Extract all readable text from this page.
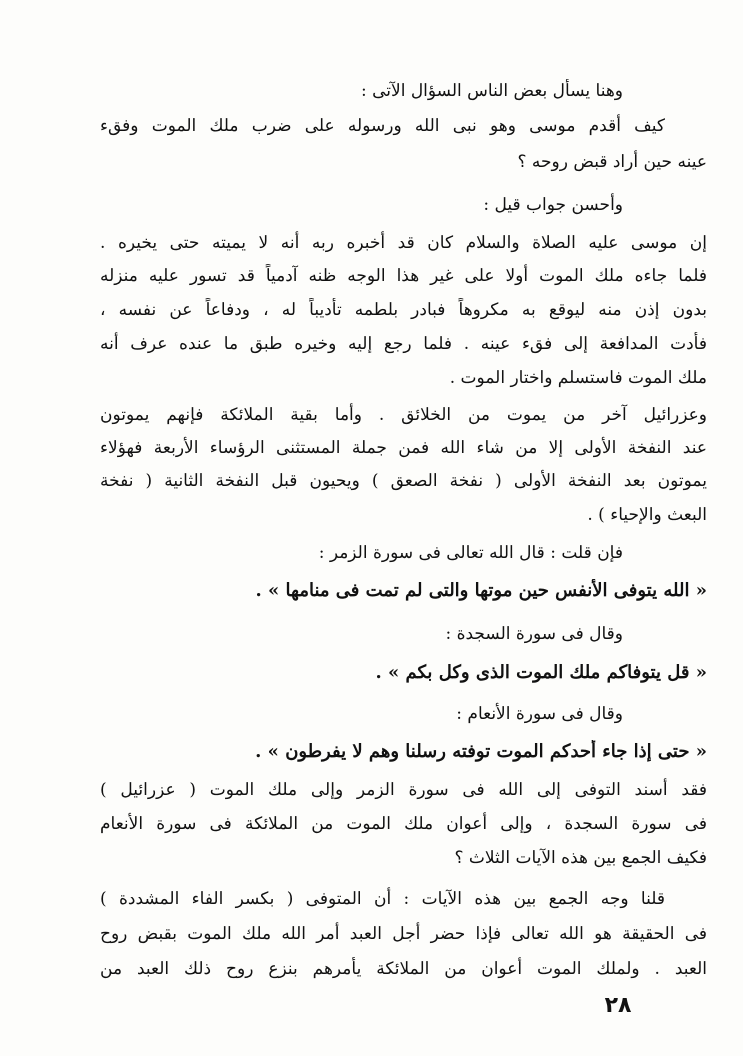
وهنا يسأل بعض الناس السؤال الآتى :
كيف أقدم موسى وهو نبى الله ورسوله على ضرب ملك الموت وفقء
عينه حين أراد قبض روحه ؟
وأحسن جواب قيل :
إن موسى عليه الصلاة والسلام كان قد أخبره ربه أنه لا يميته حتى يخيره .
فلما جاءه ملك الموت أولا على غير هذا الوجه ظنه آدمياً قد تسور عليه منزله
بدون إذن منه ليوقع به مكروهاً فبادر بلطمه تأديباً له ، ودفاعاً عن نفسه ،
فأدت المدافعة إلى فقء عينه . فلما رجع إليه وخيره طبق ما عنده عرف أنه
ملك الموت فاستسلم واختار الموت .
وعزرائيل آخر من يموت من الخلائق . وأما بقية الملائكة فإنهم يموتون
عند النفخة الأولى إلا من شاء الله فمن جملة المستثنى الرؤساء الأربعة فهؤلاء
يموتون بعد النفخة الأولى ( نفخة الصعق ) ويحيون قبل النفخة الثانية ( نفخة
البعث والإحياء ) .
فإن قلت : قال الله تعالى فى سورة الزمر :
« الله يتوفى الأنفس حين موتها والتى لم تمت فى منامها » .
وقال فى سورة السجدة :
« قل يتوفاكم ملك الموت الذى وكل بكم » .
وقال فى سورة الأنعام :
« حتى إذا جاء أحدكم الموت توفته رسلنا وهم لا يفرطون » .
فقد أسند التوفى إلى الله فى سورة الزمر وإلى ملك الموت ( عزرائيل )
فى سورة السجدة ، وإلى أعوان ملك الموت من الملائكة فى سورة الأنعام
فكيف الجمع بين هذه الآيات الثلاث ؟
قلنا وجه الجمع بين هذه الآيات : أن المتوفى ( بكسر الفاء المشددة )
فى الحقيقة هو الله تعالى فإذا حضر أجل العبد أمر الله ملك الموت بقبض روح
العبد . ولملك الموت أعوان من الملائكة يأمرهم بنزع روح ذلك العبد من
٢٨
